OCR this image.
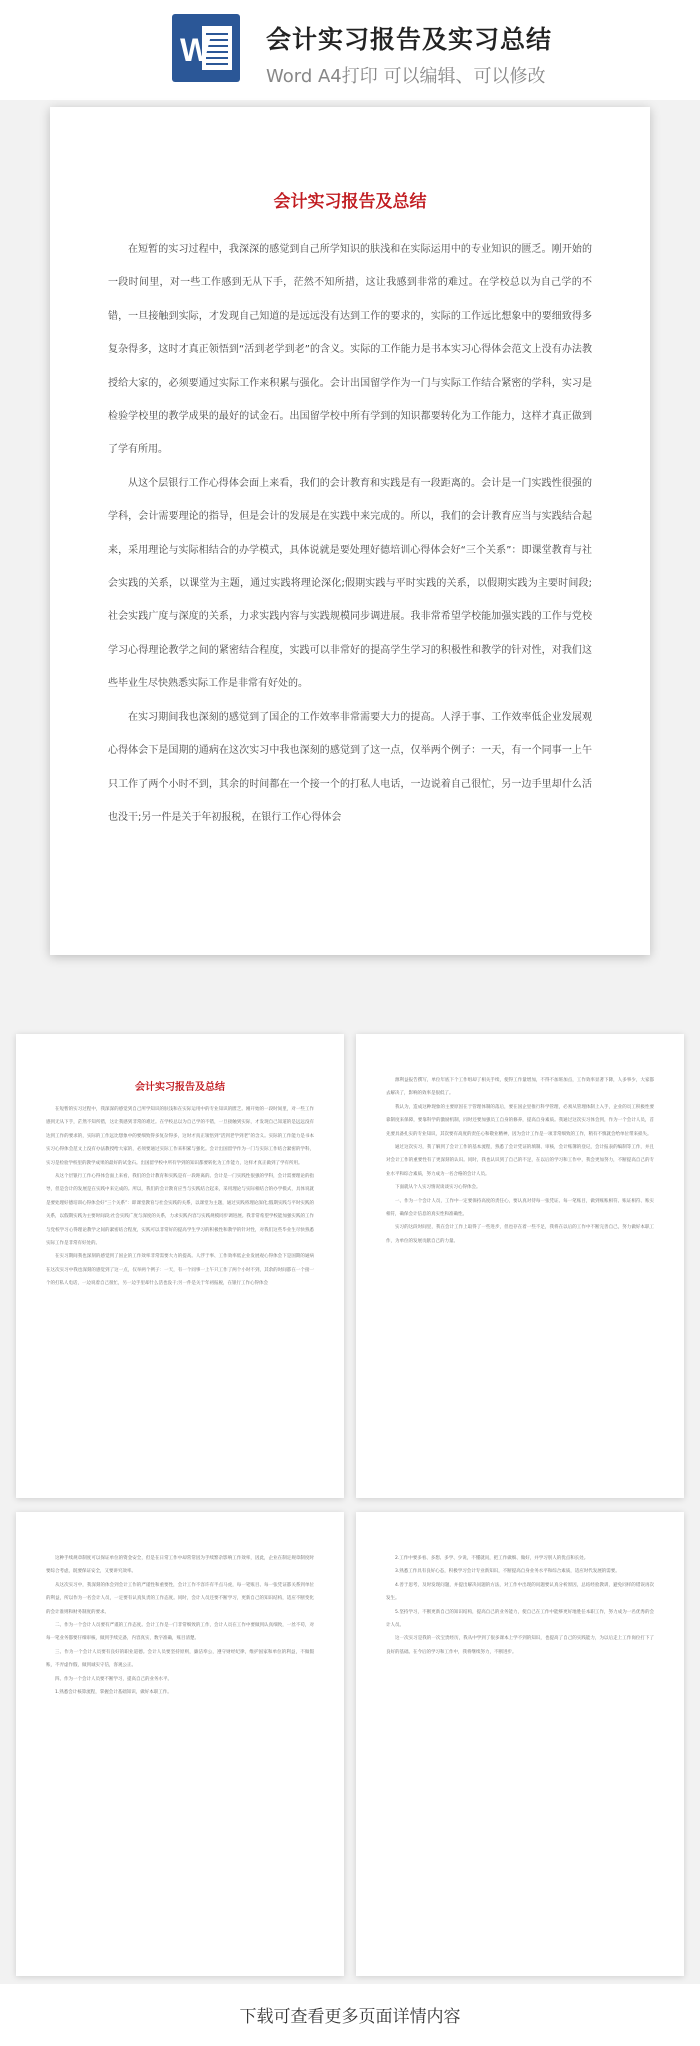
W 会计实习报告及实习总结
Word A4打印 可以编辑、可以修改
会计实习报告及总结

在短暂的实习过程中，我深深的感觉到自己所学知识的肤浅和在实际运用中的专业知识的匮乏。刚开始的一段时间里，对一些工作感到无从下手，茫然不知所措，这让我感到非常的难过。在学校总以为自己学的不错，一旦接触到实际，才发现自己知道的是远远没有达到工作的要求的，实际的工作远比想象中的要细致得多复杂得多，这时才真正领悟到“活到老学到老”的含义。实际的工作能力是书本实习心得体会范文上没有办法教授给大家的，必须要通过实际工作来积累与强化。会计出国留学作为一门与实际工作结合紧密的学科，实习是检验学校里的教学成果的最好的试金石。出国留学校中所有学到的知识都要转化为工作能力，这样才真正做到了学有所用。

从这个层银行工作心得体会面上来看，我们的会计教育和实践是有一段距离的。会计是一门实践性很强的学科，会计需要理论的指导，但是会计的发展是在实践中来完成的。所以，我们的会计教育应当与实践结合起来，采用理论与实际相结合的办学模式，具体说就是要处理好德培训心得体会好“三个关系”：即课堂教育与社会实践的关系，以课堂为主题，通过实践将理论深化;假期实践与平时实践的关系，以假期实践为主要时间段;社会实践广度与深度的关系，力求实践内容与实践规模同步调进展。我非常希望学校能加强实践的工作与党校学习心得理论教学之间的紧密结合程度，实践可以非常好的提高学生学习的积极性和教学的针对性，对我们这些毕业生尽快熟悉实际工作是非常有好处的。

在实习期间我也深刻的感觉到了国企的工作效率非常需要大力的提高。人浮于事、工作效率低企业发展观心得体会下是国期的通病在这次实习中我也深刻的感觉到了这一点，仅举两个例子：一天，有一个同事一上午只工作了两个小时不到，其余的时间都在一个接一个的打私人电话，一边说着自己很忙，另一边手里却什么活也没干;另一件是关于年初报税，在银行工作心得体会

会计实习报告及总结

在短暂的实习过程中，我深深的感觉到自己所学知识的肤浅和在实际运用中的专业知识的匮乏。刚开始的一段时间里，对一些工作感到无从下手，茫然不知所措，这让我感到非常的难过。在学校总以为自己学的不错，一旦接触到实际，才发现自己知道的是远远没有达到工作的要求的，实际的工作远比想象中的要细致得多复杂得多，这时才真正领悟到“活到老学到老”的含义。实际的工作能力是书本实习心得体会范文上没有办法教授给大家的，必须要通过实际工作来积累与强化。会计出国留学作为一门与实际工作结合紧密的学科，实习是检验学校里的教学成果的最好的试金石。出国留学校中所有学到的知识都要转化为工作能力，这样才真正做到了学有所用。

从这个层银行工作心得体会面上来看，我们的会计教育和实践是有一段距离的。会计是一门实践性很强的学科，会计需要理论的指导，但是会计的发展是在实践中来完成的。所以，我们的会计教育应当与实践结合起来，采用理论与实际相结合的办学模式，具体说就是要处理好德培训心得体会好“三个关系”：即课堂教育与社会实践的关系，以课堂为主题，通过实践将理论深化;假期实践与平时实践的关系，以假期实践为主要时间段;社会实践广度与深度的关系，力求实践内容与实践规模同步调进展。我非常希望学校能加强实践的工作与党校学习心得理论教学之间的紧密结合程度，实践可以非常好的提高学生学习的积极性和教学的针对性，对我们这些毕业生尽快熟悉实际工作是非常有好处的。

在实习期间我也深刻的感觉到了国企的工作效率非常需要大力的提高。人浮于事、工作效率低企业发展观心得体会下是国期的通病在这次实习中我也深刻的感觉到了这一点，仅举两个例子：一天，有一个同事一上午只工作了两个小时不到，其余的时间都在一个接一个的打私人电话，一边说着自己很忙，另一边手里却什么活也没干;另一件是关于年初报税，在银行工作心得体会

源利益报告撰写，单位年底下个工作组却了相关手续，使得工作量增加，不得不加班加点，工作效率显著下降，人多事少，大家都去解决了，影响的效率是很低了。

我认为，造成这种现象的主要原因在于管理体制的落后，要在国企里推行科学管理，必须从管理体制上入手，企业的员工积极性要靠制度来保障，要靠科学的激励机制，同时还要加强员工自身的修养，提高自身素质。我通过这次实习体会到，作为一个会计人员，首先要具备扎实的专业知识，其次要有高度的责任心和敬业精神，因为会计工作是一项非常细致的工作，稍有不慎就会给单位带来损失。

通过这次实习，我了解到了会计工作的基本流程，熟悉了会计凭证的填制、审核，会计账簿的登记，会计报表的编制等工作，并且对会计工作的重要性有了更深刻的认识。同时，我也认识到了自己的不足，在以后的学习和工作中，我会更加努力，不断提高自己的专业水平和综合素质，努力成为一名合格的会计人员。

下面就从个人实习情况谈谈实习心得体会。

一、作为一个会计人员，工作中一定要保持高度的责任心，要认真对待每一张凭证、每一笔账目，做到账账相符、账证相符、账实相符，确保会计信息的真实性和准确性。

实习的这段时间里，我在会计工作上取得了一些进步，但也存在着一些不足，我将在以后的工作中不断完善自己，努力做好本职工作，为单位的发展贡献自己的力量。

这种手续规章制度可以保证单位的资金安全，但是在日常工作中却常常因为手续繁杂影响工作效率，因此，企业在制定规章制度时要综合考虑，既要保证安全，又要讲究效率。

从这次实习中，我深刻的体会到会计工作的严谨性和重要性，会计工作不容许有半点马虎，每一笔账目、每一张凭证都关系到单位的利益，所以作为一名会计人员，一定要有认真负责的工作态度。同时，会计人员还要不断学习，更新自己的知识结构，适应不断变化的会计准则和财务制度的要求。

二、作为一个会计人员要有严谨的工作态度。会计工作是一门非常细致的工作，会计人员在工作中要做到认真细致，一丝不苟，对每一笔业务都要仔细审核，做到手续完备，内容真实，数字准确，账目清楚。

三、作为一个会计人员要有良好的职业道德。会计人员要坚持原则，廉洁奉公，遵守财经纪律，维护国家和单位的利益，不做假账，不弄虚作假，做到诚实守信，客观公正。

四、作为一个会计人员要不断学习，提高自己的业务水平。

1.熟悉会计核算流程，掌握会计基础知识，做好本职工作。

2.工作中要多看、多想、多学、少说，不懂就问，把工作做细、做好，并学习别人的优点和长处。

3.熟悉工作具有良好心态，积极学习会计专业新知识，不断提高自身业务水平和综合素质，适应时代发展的需要。

4.善于思考，及时发现问题，并提出解决问题的方法，对工作中出现的问题要认真分析原因，总结经验教训，避免同样的错误再次发生。

5.坚持学习，不断更新自己的知识结构，提高自己的业务能力，使自己在工作中能够更好地胜任本职工作，努力成为一名优秀的会计人员。

这一次实习是我的一次宝贵经历，我从中学到了很多课本上学不到的知识，也提高了自己的实践能力，为以后走上工作岗位打下了良好的基础。在今后的学习和工作中，我将继续努力，不断进步。

下载可查看更多页面详情内容
